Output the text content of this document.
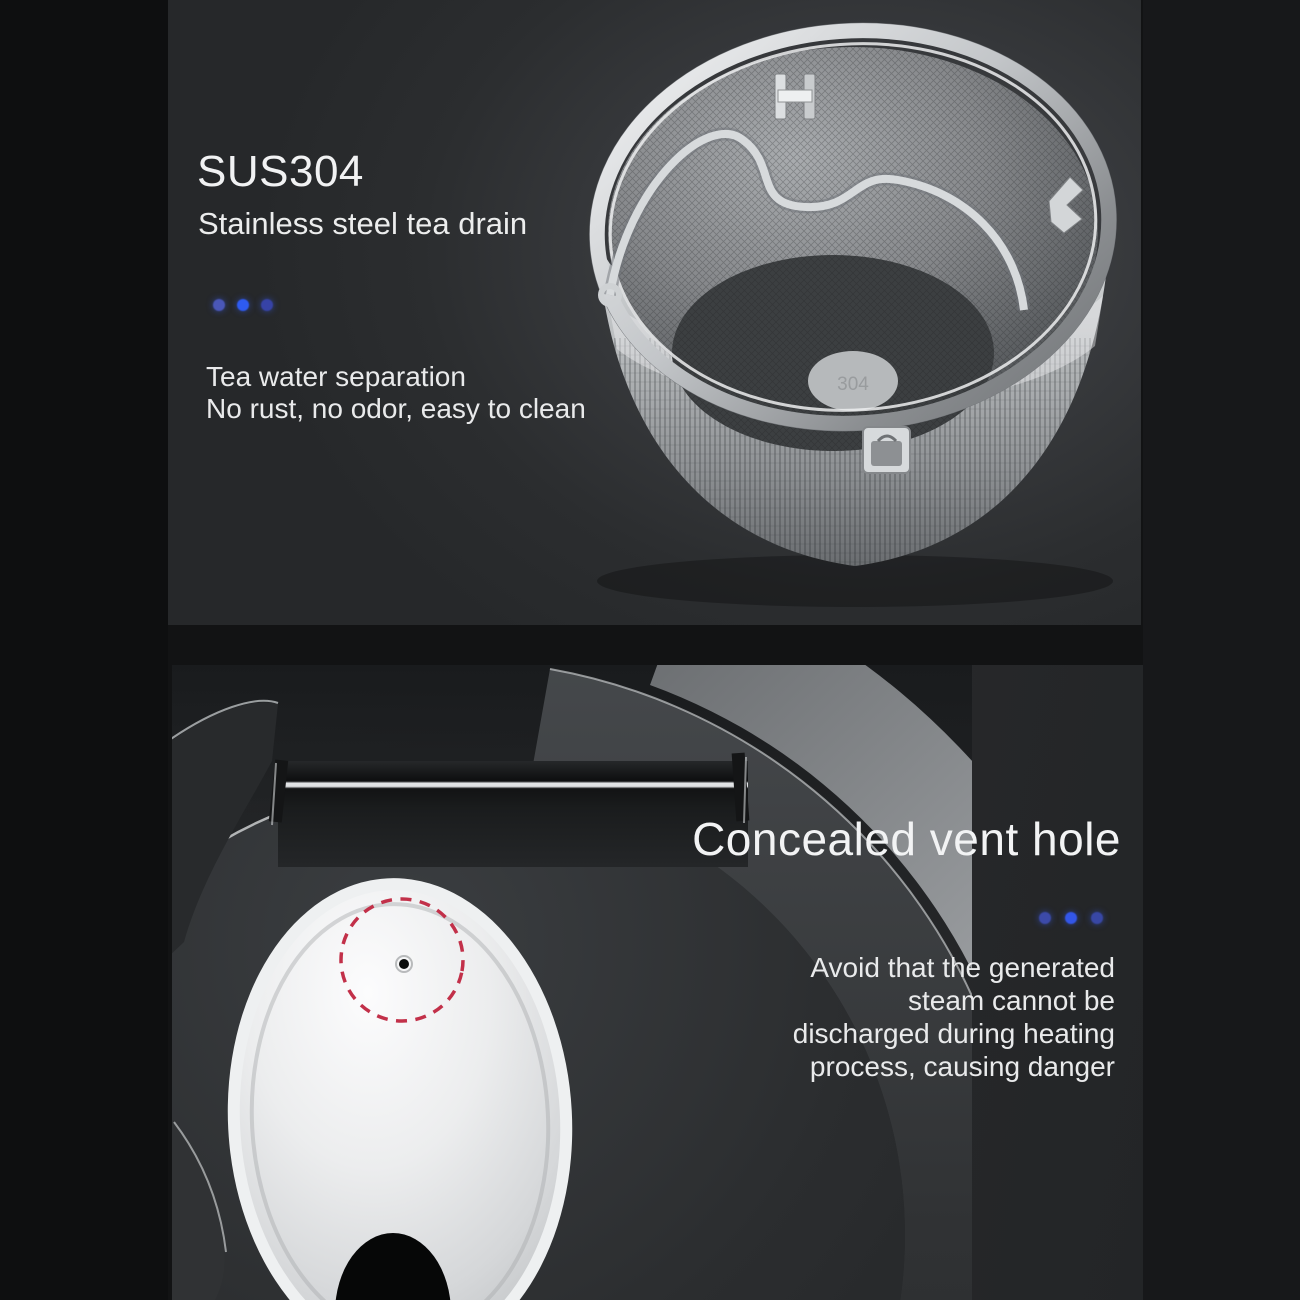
SUS304
Stainless steel tea drain
Tea water separation
No rust, no odor, easy to clean
304
Concealed vent hole
Avoid that the generated
steam cannot be
discharged during heating
process, causing danger
